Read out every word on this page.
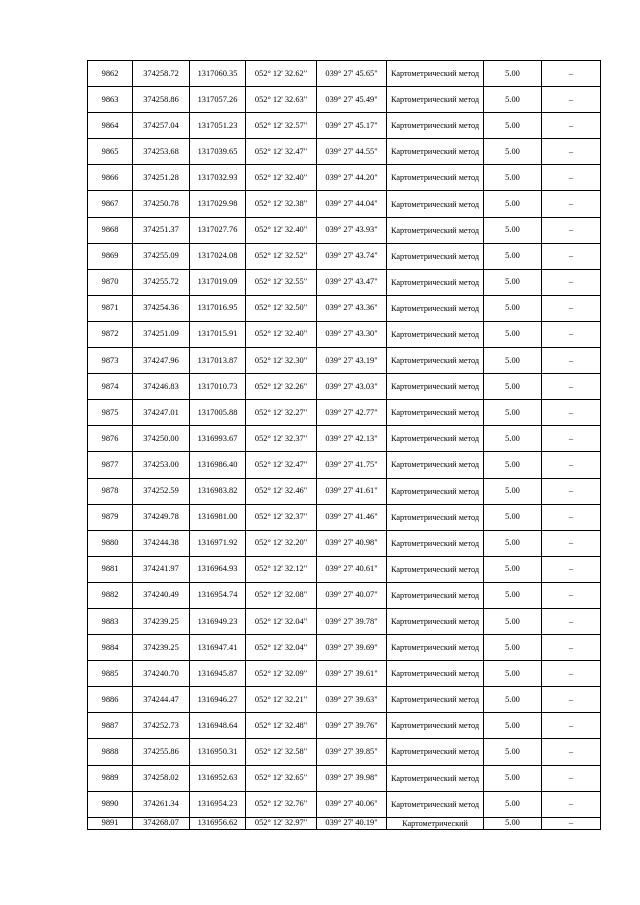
9862	374258.72	1317060.35	052° 12' 32.62"	039° 27' 45.65"	Картометрический метод	5.00	–
9863	374258.86	1317057.26	052° 12' 32.63"	039° 27' 45.49"	Картометрический метод	5.00	–
9864	374257.04	1317051.23	052° 12' 32.57"	039° 27' 45.17"	Картометрический метод	5.00	–
9865	374253.68	1317039.65	052° 12' 32.47"	039° 27' 44.55"	Картометрический метод	5.00	–
9866	374251.28	1317032.93	052° 12' 32.40"	039° 27' 44.20"	Картометрический метод	5.00	–
9867	374250.78	1317029.98	052° 12' 32.38"	039° 27' 44.04"	Картометрический метод	5.00	–
9868	374251.37	1317027.76	052° 12' 32.40"	039° 27' 43.93"	Картометрический метод	5.00	–
9869	374255.09	1317024.08	052° 12' 32.52"	039° 27' 43.74"	Картометрический метод	5.00	–
9870	374255.72	1317019.09	052° 12' 32.55"	039° 27' 43.47"	Картометрический метод	5.00	–
9871	374254.36	1317016.95	052° 12' 32.50"	039° 27' 43.36"	Картометрический метод	5.00	–
9872	374251.09	1317015.91	052° 12' 32.40"	039° 27' 43.30"	Картометрический метод	5.00	–
9873	374247.96	1317013.87	052° 12' 32.30"	039° 27' 43.19"	Картометрический метод	5.00	–
9874	374246.83	1317010.73	052° 12' 32.26"	039° 27' 43.03"	Картометрический метод	5.00	–
9875	374247.01	1317005.88	052° 12' 32.27"	039° 27' 42.77"	Картометрический метод	5.00	–
9876	374250.00	1316993.67	052° 12' 32.37"	039° 27' 42.13"	Картометрический метод	5.00	–
9877	374253.00	1316986.40	052° 12' 32.47"	039° 27' 41.75"	Картометрический метод	5.00	–
9878	374252.59	1316983.82	052° 12' 32.46"	039° 27' 41.61"	Картометрический метод	5.00	–
9879	374249.78	1316981.00	052° 12' 32.37"	039° 27' 41.46"	Картометрический метод	5.00	–
9880	374244.38	1316971.92	052° 12' 32.20"	039° 27' 40.98"	Картометрический метод	5.00	–
9881	374241.97	1316964.93	052° 12' 32.12"	039° 27' 40.61"	Картометрический метод	5.00	–
9882	374240.49	1316954.74	052° 12' 32.08"	039° 27' 40.07"	Картометрический метод	5.00	–
9883	374239.25	1316949.23	052° 12' 32.04"	039° 27' 39.78"	Картометрический метод	5.00	–
9884	374239.25	1316947.41	052° 12' 32.04"	039° 27' 39.69"	Картометрический метод	5.00	–
9885	374240.70	1316945.87	052° 12' 32.09"	039° 27' 39.61"	Картометрический метод	5.00	–
9886	374244.47	1316946.27	052° 12' 32.21"	039° 27' 39.63"	Картометрический метод	5.00	–
9887	374252.73	1316948.64	052° 12' 32.48"	039° 27' 39.76"	Картометрический метод	5.00	–
9888	374255.86	1316950.31	052° 12' 32.58"	039° 27' 39.85"	Картометрический метод	5.00	–
9889	374258.02	1316952.63	052° 12' 32.65"	039° 27' 39.98"	Картометрический метод	5.00	–
9890	374261.34	1316954.23	052° 12' 32.76"	039° 27' 40.06"	Картометрический метод	5.00	–
9891	374268.07	1316956.62	052° 12' 32.97"	039° 27' 40.19"	Картометрический	5.00	–
